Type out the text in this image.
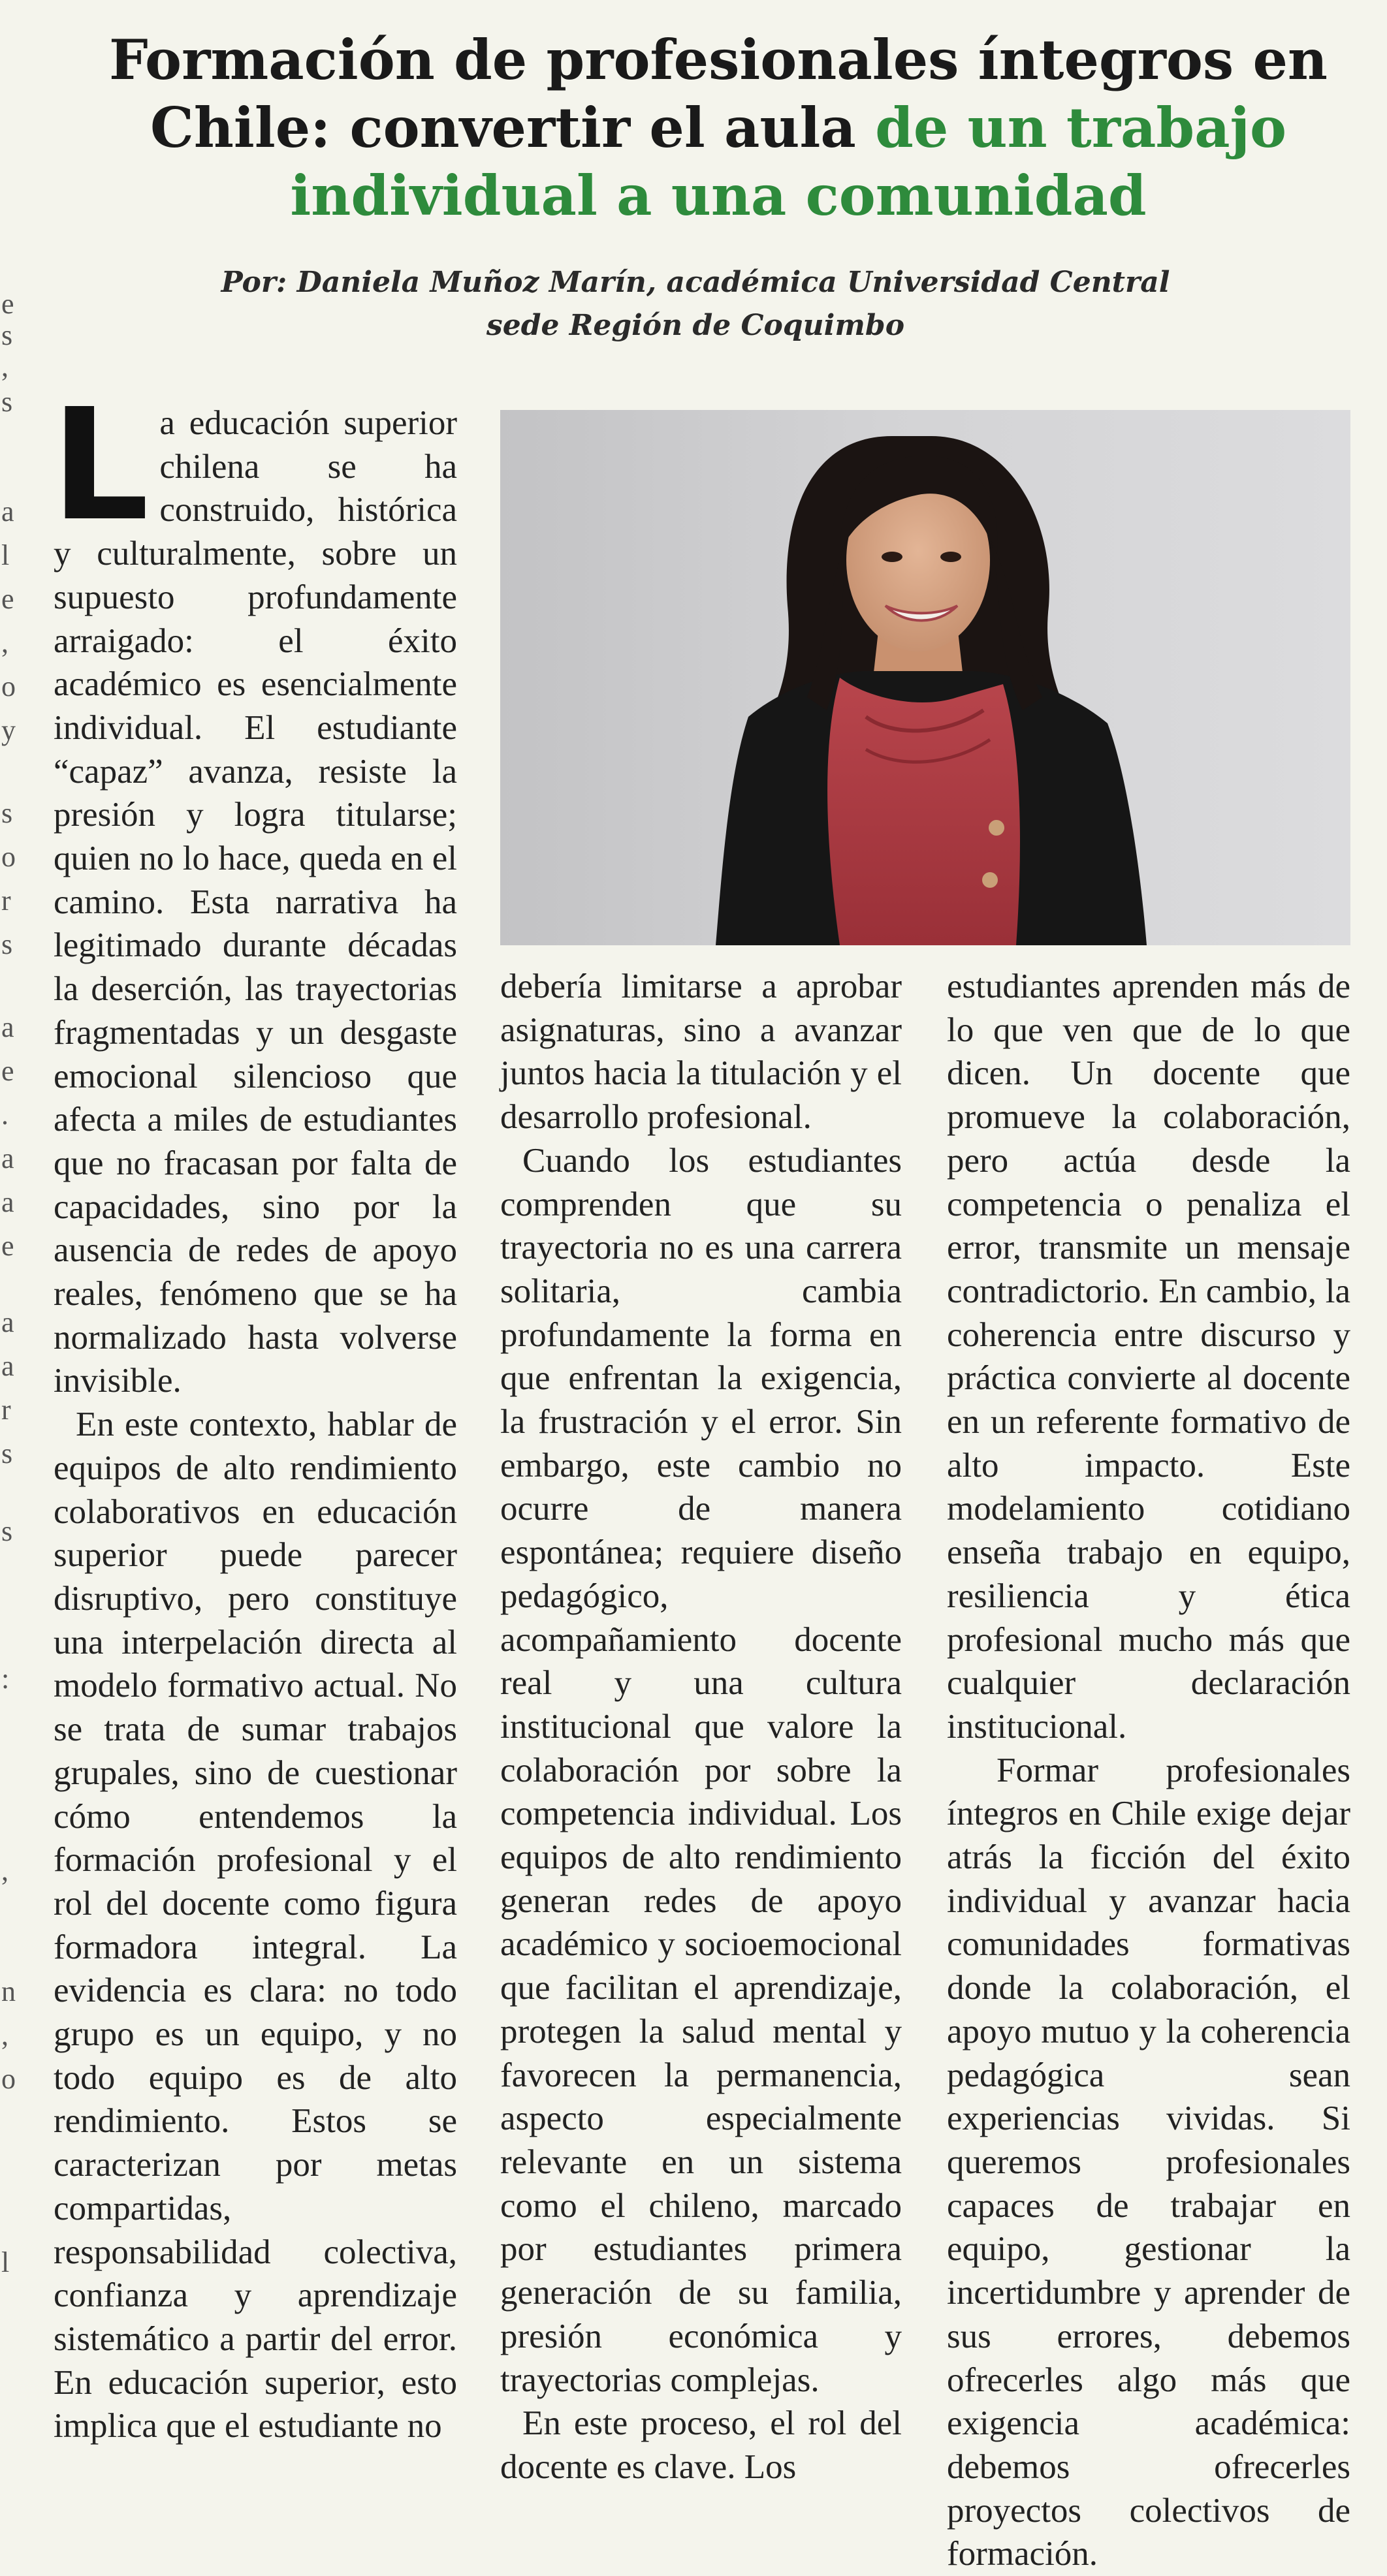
e
s
,
s
a
l
e
,
o
y
s
o
r
s
a
e
.
a
a
e
a
a
r
s
s
:
,
n
,
o
l
Formación de profesionales íntegros en Chile: convertir el aula de un trabajo individual a una comunidad
Por: Daniela Muñoz Marín, académica Universidad Central
sede Región de Coquimbo

La educación superior chilena se ha construido, histórica y culturalmente, sobre un supuesto profundamente arraigado: el éxito académico es esencialmente individual. El estudiante “capaz” avanza, resiste la presión y logra titularse; quien no lo hace, queda en el camino. Esta narrativa ha legitimado durante décadas la deserción, las trayectorias fragmentadas y un desgaste emocional silencioso que afecta a miles de estudiantes que no fracasan por falta de capacidades, sino por la ausencia de redes de apoyo reales, fenómeno que se ha normalizado hasta volverse invisible.

En este contexto, hablar de equipos de alto rendimiento colaborativos en educación superior puede parecer disruptivo, pero constituye una interpelación directa al modelo formativo actual. No se trata de sumar trabajos grupales, sino de cuestionar cómo entendemos la formación profesional y el rol del docente como figura formadora integral. La evidencia es clara: no todo grupo es un equipo, y no todo equipo es de alto rendimiento. Estos se caracterizan por metas compartidas, responsabilidad colectiva, confianza y aprendizaje sistemático a partir del error. En educación superior, esto implica que el estudiante no

debería limitarse a aprobar asignaturas, sino a avanzar juntos hacia la titulación y el desarrollo profesional.

Cuando los estudiantes comprenden que su trayectoria no es una carrera solitaria, cambia profundamente la forma en que enfrentan la exigencia, la frustración y el error. Sin embargo, este cambio no ocurre de manera espontánea; requiere diseño pedagógico, acompañamiento docente real y una cultura institucional que valore la colaboración por sobre la competencia individual. Los equipos de alto rendimiento generan redes de apoyo académico y socioemocional que facilitan el aprendizaje, protegen la salud mental y favorecen la permanencia, aspecto especialmente relevante en un sistema como el chileno, marcado por estudiantes primera generación de su familia, presión económica y trayectorias complejas.

En este proceso, el rol del docente es clave. Los

estudiantes aprenden más de lo que ven que de lo que dicen. Un docente que promueve la colaboración, pero actúa desde la competencia o penaliza el error, transmite un mensaje contradictorio. En cambio, la coherencia entre discurso y práctica convierte al docente en un referente formativo de alto impacto. Este modelamiento cotidiano enseña trabajo en equipo, resiliencia y ética profesional mucho más que cualquier declaración institucional.

Formar profesionales íntegros en Chile exige dejar atrás la ficción del éxito individual y avanzar hacia comunidades formativas donde la colaboración, el apoyo mutuo y la coherencia pedagógica sean experiencias vividas. Si queremos profesionales capaces de trabajar en equipo, gestionar la incertidumbre y aprender de sus errores, debemos ofrecerles algo más que exigencia académica: debemos ofrecerles proyectos colectivos de formación.
